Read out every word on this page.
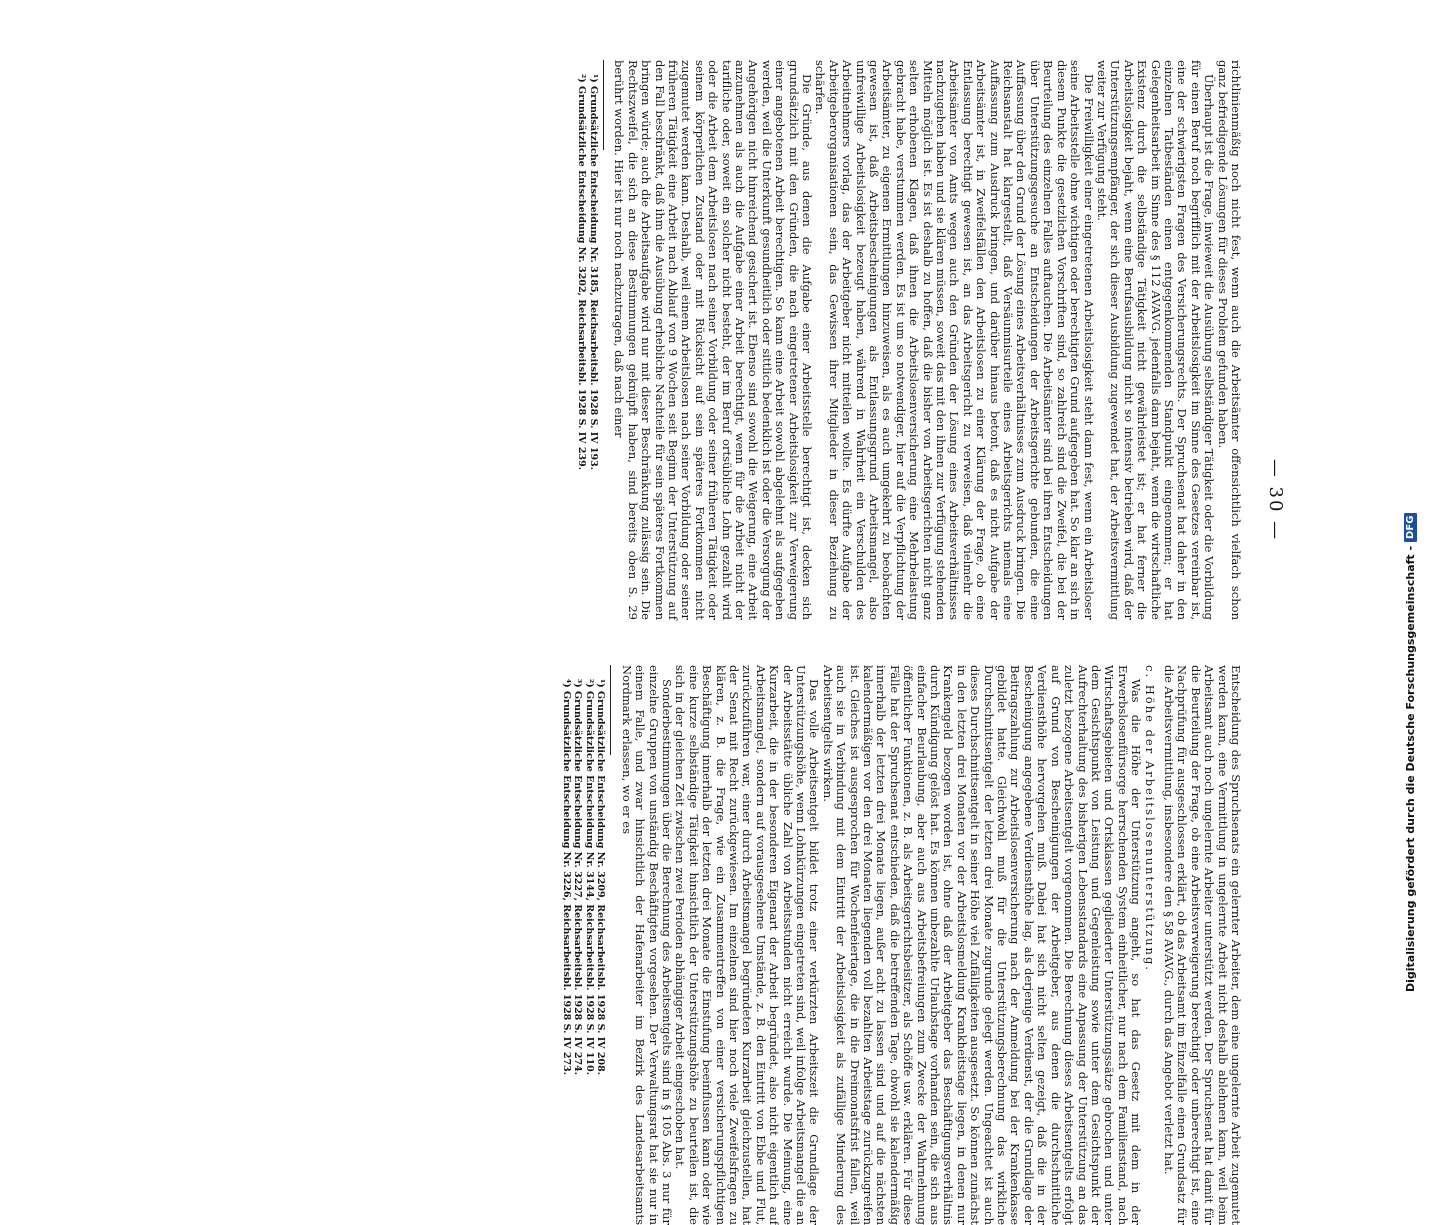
— 30 —

richtlinienmäßig noch nicht fest, wenn auch die Arbeitsämter offensichtlich vielfach schon ganz befriedigende Lösungen für dieses Problem gefunden haben.

Überhaupt ist die Frage, inwieweit die Ausübung selbständiger Tätigkeit oder die Vorbildung für einen Beruf noch begrifflich mit der Arbeitslosigkeit im Sinne des Gesetzes vereinbar ist, eine der schwierigsten Fragen des Versicherungsrechts. Der Spruchsenat hat daher in den einzelnen Tatbeständen einen entgegenkommenden Standpunkt eingenommen; er hat Gelegenheitsarbeit im Sinne des § 112 AVAVG. jedenfalls dann bejaht, wenn die wirtschaftliche Existenz durch die selbständige Tätigkeit nicht gewährleistet ist; er hat ferner die Arbeitslosigkeit bejaht, wenn eine Berufsausbildung nicht so intensiv betrieben wird, daß der Unterstützungsempfänger, der sich dieser Ausbildung zugewendet hat, der Arbeitsvermittlung weiter zur Verfügung steht.

Die Freiwilligkeit einer eingetretenen Arbeitslosigkeit steht dann fest, wenn ein Arbeitsloser seine Arbeitsstelle ohne wichtigen oder berechtigten Grund aufgegeben hat. So klar an sich in diesem Punkte die gesetzlichen Vorschriften sind, so zahlreich sind die Zweifel, die bei der Beurteilung des einzelnen Falles auftauchen. Die Arbeitsämter sind bei ihren Entscheidungen über Unterstützungsgesuche an Entscheidungen der Arbeitsgerichte gebunden, die eine Auffassung über den Grund der Lösung eines Arbeitsverhältnisses zum Ausdruck bringen. Die Reichsanstalt hat klargestellt, daß Versäumnisurteile eines Arbeitsgerichts niemals eine Auffassung zum Ausdruck bringen, und darüber hinaus betont, daß es nicht Aufgabe der Arbeitsämter ist, in Zweifelsfällen den Arbeitslosen zu einer Klärung der Frage, ob eine Entlassung berechtigt gewesen ist, an das Arbeitsgericht zu verweisen, daß vielmehr die Arbeitsämter von Amts wegen auch den Gründen der Lösung eines Arbeitsverhältnisses nachzugehen haben und sie klären müssen, soweit das mit den ihnen zur Verfügung stehenden Mitteln möglich ist. Es ist deshalb zu hoffen, daß die bisher von Arbeitsgerichten nicht ganz selten erhobenen Klagen, daß ihnen die Arbeitslosenversicherung eine Mehrbelastung gebracht habe, verstummen werden. Es ist um so notwendiger, hier auf die Verpflichtung der Arbeitsämter, zu eigenen Ermittlungen hinzuweisen, als es auch umgekehrt zu beobachten gewesen ist, daß Arbeitsbescheinigungen als Entlassungsgrund Arbeitsmangel, also unfreiwillige Arbeitslosigkeit bezeugt haben, während in Wahrheit ein Verschulden des Arbeitnehmers vorlag, das der Arbeitgeber nicht mitteilen wollte. Es dürfte Aufgabe der Arbeitgeberorganisationen sein, das Gewissen ihrer Mitglieder in dieser Beziehung zu schärfen.

Die Gründe, aus denen die Aufgabe einer Arbeitsstelle berechtigt ist, decken sich grundsätzlich mit den Gründen, die nach eingetretener Arbeitslosigkeit zur Verweigerung einer angebotenen Arbeit berechtigen. So kann eine Arbeit sowohl abgelehnt als aufgegeben werden, weil die Unterkunft gesundheitlich oder sittlich bedenklich ist oder die Versorgung der Angehörigen nicht hinreichend gesichert ist. Ebenso sind sowohl die Weigerung, eine Arbeit anzunehmen als auch die Aufgabe einer Arbeit berechtigt, wenn für die Arbeit nicht der tarifliche oder, soweit ein solcher nicht besteht, der im Beruf ortsübliche Lohn gezahlt wird oder die Arbeit dem Arbeitslosen nach seiner Vorbildung oder seiner früheren Tätigkeit oder seinem körperlichen Zustand oder mit Rücksicht auf sein späteres Fortkommen nicht zugemutet werden kann. Deshalb, weil einem Arbeitslosen nach seiner Vorbildung oder seiner früheren Tätigkeit eine Arbeit nach Ablauf von 9 Wochen seit Beginn der Unterstützung auf den Fall beschränkt, daß ihm die Ausübung erhebliche Nachteile für sein späteres Fortkommen bringen würde; auch die Arbeitsaufgabe wird nur mit dieser Beschränkung zulässig sein. Die Rechtszweifel, die sich an diese Bestimmungen geknüpft haben, sind bereits oben S. 29 berührt worden. Hier ist nur noch nachzutragen, daß nach einer

¹) Grundsätzliche Entscheidung Nr. 3185, Reichsarbeitsbl. 1928 S. IV 193.

²) Grundsätzliche Entscheidung Nr. 3202, Reichsarbeitsbl. 1928 S. IV 239.

Entscheidung des Spruchsenats ein gelernter Arbeiter, dem eine ungelernte Arbeit zugemutet werden kann, eine Vermittlung in ungelernte Arbeit nicht deshalb ablehnen kann, weil beim Arbeitsamt auch noch ungelernte Arbeiter unterstützt werden. Der Spruchsenat hat damit für die Beurteilung der Frage, ob eine Arbeitsverweigerung berechtigt oder unberechtigt ist, eine Nachprüfung für ausgeschlossen erklärt, ob das Arbeitsamt im Einzelfalle einen Grundsatz für die Arbeitsvermittlung, insbesondere den § 58 AVAVG., durch das Angebot verletzt hat.

c. Höhe der Arbeitslosenunterstützung.

Was die Höhe der Unterstützung angeht, so hat das Gesetz mit dem in der Erwerbslosenfürsorge herrschenden System einheitlicher, nur nach dem Familienstand, nach Wirtschaftsgebieten und Ortsklassen gegliederter Unterstützungssätze gebrochen und unter dem Gesichtspunkt von Leistung und Gegenleistung sowie unter dem Gesichtspunkt der Aufrechterhaltung des bisherigen Lebensstandards eine Anpassung der Unterstützung an das zuletzt bezogene Arbeitsentgelt vorgenommen. Die Berechnung dieses Arbeitsentgelts erfolgt auf Grund von Bescheinigungen der Arbeitgeber, aus denen die durchschnittliche Verdiensthöhe hervorgehen muß. Dabei hat sich nicht selten gezeigt, daß die in der Bescheinigung angegebene Verdiensthöhe lag, als derjenige Verdienst, der die Grundlage der Beitragszahlung zur Arbeitslosenversicherung nach der Anmeldung bei der Krankenkasse gebildet hatte. Gleichwohl muß für die Unterstützungsberechnung das wirkliche Durchschnittsentgelt der letzten drei Monate zugrunde gelegt werden. Ungeachtet ist auch dieses Durchschnittsentgelt in seiner Höhe viel Zufälligkeiten ausgesetzt. So können zunächst in den letzten drei Monaten vor der Arbeitslosmeldung Krankheitstage liegen, in denen nur Krankengeld bezogen worden ist, ohne daß der Arbeitgeber das Beschäftigungsverhältnis durch Kündigung gelöst hat. Es können unbezahlte Urlaubstage vorhanden sein, die sich aus einfacher Beurlaubung, aber auch aus Arbeitsbefreiungen zum Zwecke der Wahrnehmung öffentlicher Funktionen, z. B. als Arbeitsgerichtsbeisitzer, als Schöffe usw. erklären. Für diese Fälle hat der Spruchsenat entschieden, daß die betreffenden Tage, obwohl sie kalendermäßig innerhalb der letzten drei Monate liegen, außer acht zu lassen sind und auf die nächsten kalendermäßigen vor den drei Monaten liegenden voll bezahlten Arbeitstage zurückzugreifen ist. Gleiches ist ausgesprochen für Wochenfeiertage, die in die Dreimonatsfrist fallen, weil auch sie in Verbindung mit dem Eintritt der Arbeitslosigkeit als zufällige Minderung des Arbeitsentgelts wirken.

Das volle Arbeitsentgelt bildet trotz einer verkürzten Arbeitszeit die Grundlage der Unterstützungshöhe, wenn Lohnkürzungen eingetreten sind, weil infolge Arbeitsmangel die an der Arbeitsstätte übliche Zahl von Arbeitsstunden nicht erreicht wurde. Die Meinung, eine Kurzarbeit, die in der besonderen Eigenart der Arbeit begründet, also nicht eigentlich auf Arbeitsmangel, sondern auf vorausgesehene Umstände, z. B. den Eintritt von Ebbe und Flut, zurückzuführen war, einer durch Arbeitsmangel begründeten Kurzarbeit gleichzustellen, hat der Senat mit Recht zurückgewiesen. Im einzelnen sind hier noch viele Zweifelsfragen zu klären, z. B. die Frage, wie ein Zusammentreffen von einer versicherungspflichtigen Beschäftigung innerhalb der letzten drei Monate die Einstufung beeinflussen kann oder wie eine kurze selbständige Tätigkeit hinsichtlich der Unterstützungshöhe zu beurteilen ist, die sich in der gleichen Zeit zwischen zwei Perioden abhängiger Arbeit eingeschoben hat.

Sonderbestimmungen über die Berechnung des Arbeitsentgelts sind in § 105 Abs. 3 nur für einzelne Gruppen von unständig Beschäftigten vorgesehen. Der Verwaltungsrat hat sie nur in einem Falle, und zwar hinsichtlich der Hafenarbeiter im Bezirk des Landesarbeitsamts Nordmark erlassen, wo er es

¹) Grundsätzliche Entscheidung Nr. 3209, Reichsarbeitsbl. 1928 S. IV 208.

²) Grundsätzliche Entscheidung Nr. 3144, Reichsarbeitsbl. 1928 S. IV 110.

³) Grundsätzliche Entscheidung Nr. 3227, Reichsarbeitsbl. 1928 S. IV 274.

⁴) Grundsätzliche Entscheidung Nr. 3226, Reichsarbeitsbl. 1928 S. IV 273.	Digitalisierung gefördert durch die Deutsche Forschungsgemeinschaft -
DFG
